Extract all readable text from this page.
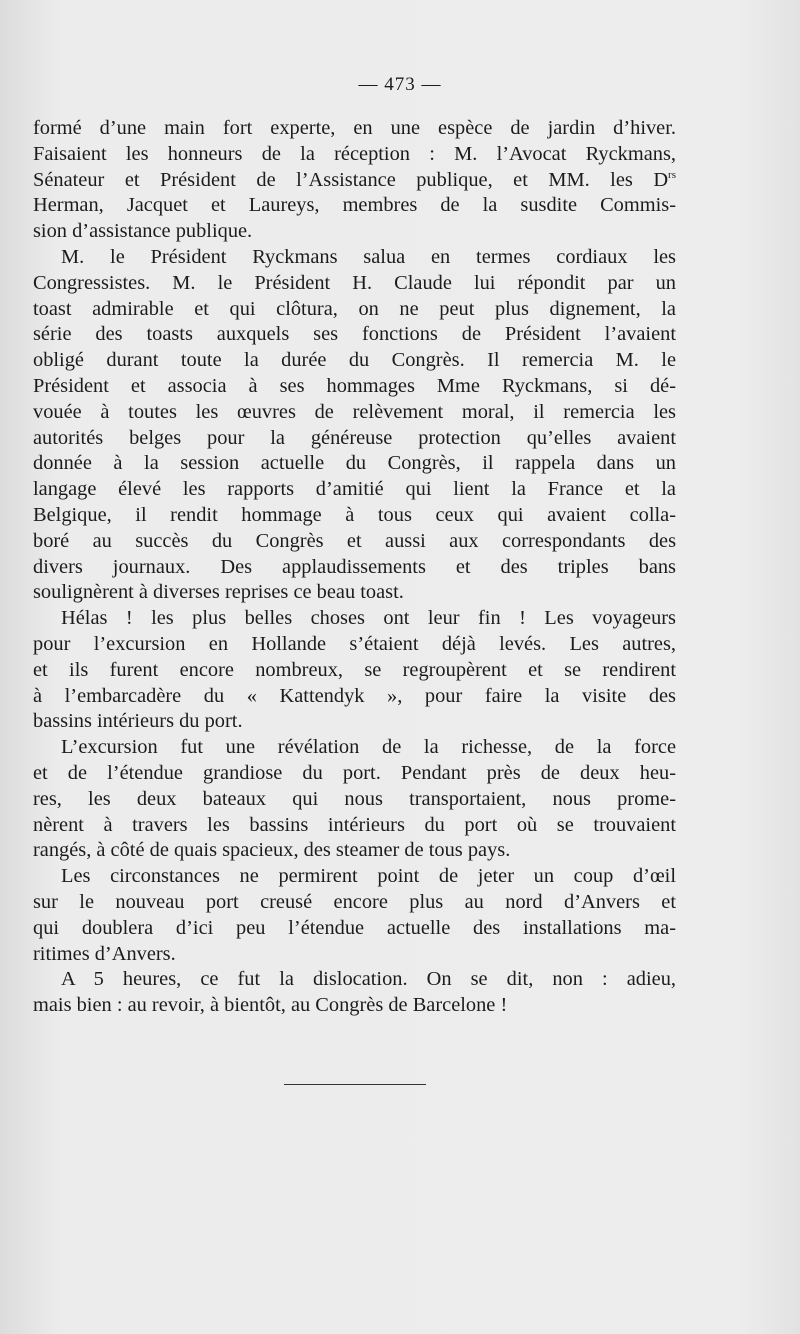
— 473 —

formé d’une main fort experte, en une espèce de jardin d’hiver.
Faisaient les honneurs de la réception : M. l’Avocat Ryckmans,
Sénateur et Président de l’Assistance publique, et MM. les $D^{rs}$
Herman, Jacquet et Laureys, membres de la susdite Commis-
sion d’assistance publique.

M. le Président Ryckmans salua en termes cordiaux les
Congressistes. M. le Président H. Claude lui répondit par un
toast admirable et qui clôtura, on ne peut plus dignement, la
série des toasts auxquels ses fonctions de Président l’avaient
obligé durant toute la durée du Congrès. Il remercia M. le
Président et associa à ses hommages Mme Ryckmans, si dé-
vouée à toutes les œuvres de relèvement moral, il remercia les
autorités belges pour la généreuse protection qu’elles avaient
donnée à la session actuelle du Congrès, il rappela dans un
langage élevé les rapports d’amitié qui lient la France et la
Belgique, il rendit hommage à tous ceux qui avaient colla-
boré au succès du Congrès et aussi aux correspondants des
divers journaux. Des applaudissements et des triples bans
soulignèrent à diverses reprises ce beau toast.

Hélas ! les plus belles choses ont leur fin ! Les voyageurs
pour l’excursion en Hollande s’étaient déjà levés. Les autres,
et ils furent encore nombreux, se regroupèrent et se rendirent
à l’embarcadère du « Kattendyk », pour faire la visite des
bassins intérieurs du port.

L’excursion fut une révélation de la richesse, de la force
et de l’étendue grandiose du port. Pendant près de deux heu-
res, les deux bateaux qui nous transportaient, nous prome-
nèrent à travers les bassins intérieurs du port où se trouvaient
rangés, à côté de quais spacieux, des steamer de tous pays.

Les circonstances ne permirent point de jeter un coup d’œil
sur le nouveau port creusé encore plus au nord d’Anvers et
qui doublera d’ici peu l’étendue actuelle des installations ma-
ritimes d’Anvers.

A 5 heures, ce fut la dislocation. On se dit, non : adieu,
mais bien : au revoir, à bientôt, au Congrès de Barcelone !
